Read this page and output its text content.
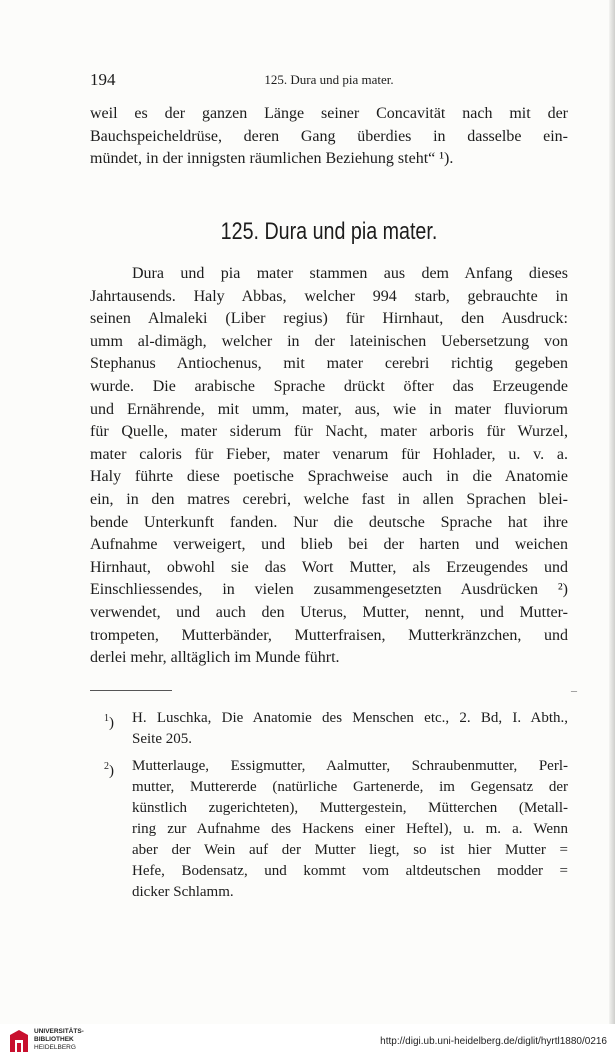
194	125. Dura und pia mater.
weil es der ganzen Länge seiner Concavität nach mit der
Bauchspeicheldrüse, deren Gang überdies in dasselbe ein-
mündet, in der innigsten räumlichen Beziehung steht“ ¹).
125. Dura und pia mater.
Dura und pia mater stammen aus dem Anfang dieses
Jahrtausends. Haly Abbas, welcher 994 starb, gebrauchte in
seinen Almaleki (Liber regius) für Hirnhaut, den Ausdruck:
umm al-dimägh, welcher in der lateinischen Uebersetzung von
Stephanus Antiochenus, mit mater cerebri richtig gegeben
wurde. Die arabische Sprache drückt öfter das Erzeugende
und Ernährende, mit umm, mater, aus, wie in mater fluviorum
für Quelle, mater siderum für Nacht, mater arboris für Wurzel,
mater caloris für Fieber, mater venarum für Hohlader, u. v. a.
Haly führte diese poetische Sprachweise auch in die Anatomie
ein, in den matres cerebri, welche fast in allen Sprachen blei-
bende Unterkunft fanden. Nur die deutsche Sprache hat ihre
Aufnahme verweigert, und blieb bei der harten und weichen
Hirnhaut, obwohl sie das Wort Mutter, als Erzeugendes und
Einschliessendes, in vielen zusammengesetzten Ausdrücken ²)
verwendet, und auch den Uterus, Mutter, nennt, und Mutter-
trompeten, Mutterbänder, Mutterfraisen, Mutterkränzchen, und
derlei mehr, alltäglich im Munde führt.
–
$^1$) H. Luschka, Die Anatomie des Menschen etc., 2. Bd, I. Abth.,
Seite 205.
$^2$) Mutterlauge, Essigmutter, Aalmutter, Schraubenmutter, Perl-
mutter, Muttererde (natürliche Gartenerde, im Gegensatz der
künstlich zugerichteten), Muttergestein, Mütterchen (Metall-
ring zur Aufnahme des Hackens einer Heftel), u. m. a. Wenn
aber der Wein auf der Mutter liegt, so ist hier Mutter =
Hefe, Bodensatz, und kommt vom altdeutschen modder =
dicker Schlamm.
UNIVERSITÄTS-
BIBLIOTHEK
HEIDELBERG
http://digi.ub.uni-heidelberg.de/diglit/hyrtl1880/0216
